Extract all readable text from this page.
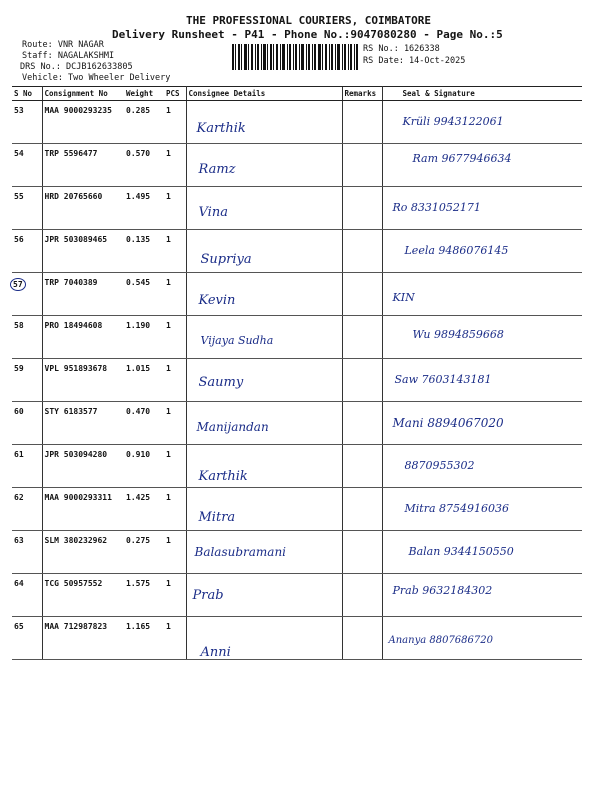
THE PROFESSIONAL COURIERS, COIMBATORE
Delivery Runsheet - P41 - Phone No.:9047080280 - Page No.:5
Route: VNR NAGAR
Staff: NAGALAKSHMI
DRS No.: DCJB162633805
Vehicle: Two Wheeler Delivery
RS No.: 1626338
RS Date: 14-Oct-2025
S No	Consignment No	Weight	PCS	Consignee Details	Remarks	Seal & Signature
53	MAA 9000293235	0.285	1	Karthik		Krüli 9943122061

54	TRP 5596477	0.570	1	Ramz		Ram 9677946634

55	HRD 20765660	1.495	1	Vina		Ro 8331052171

56	JPR 503089465	0.135	1	Supriya		Leela 9486076145

57	TRP 7040389	0.545	1	Kevin		KIN

58	PRO 18494608	1.190	1	Vijaya Sudha		Wu 9894859668

59	VPL 951893678	1.015	1	Saumy		Saw 7603143181

60	STY 6183577	0.470	1	Manijandan		Mani 8894067020

61	JPR 503094280	0.910	1	Karthik		8870955302

62	MAA 9000293311	1.425	1	Mitra		Mitra 8754916036

63	SLM 380232962	0.275	1	Balasubramani		Balan 9344150550

64	TCG 50957552	1.575	1	Prab		Prab 9632184302

65	MAA 712987823	1.165	1	Anni		Ananya 8807686720
